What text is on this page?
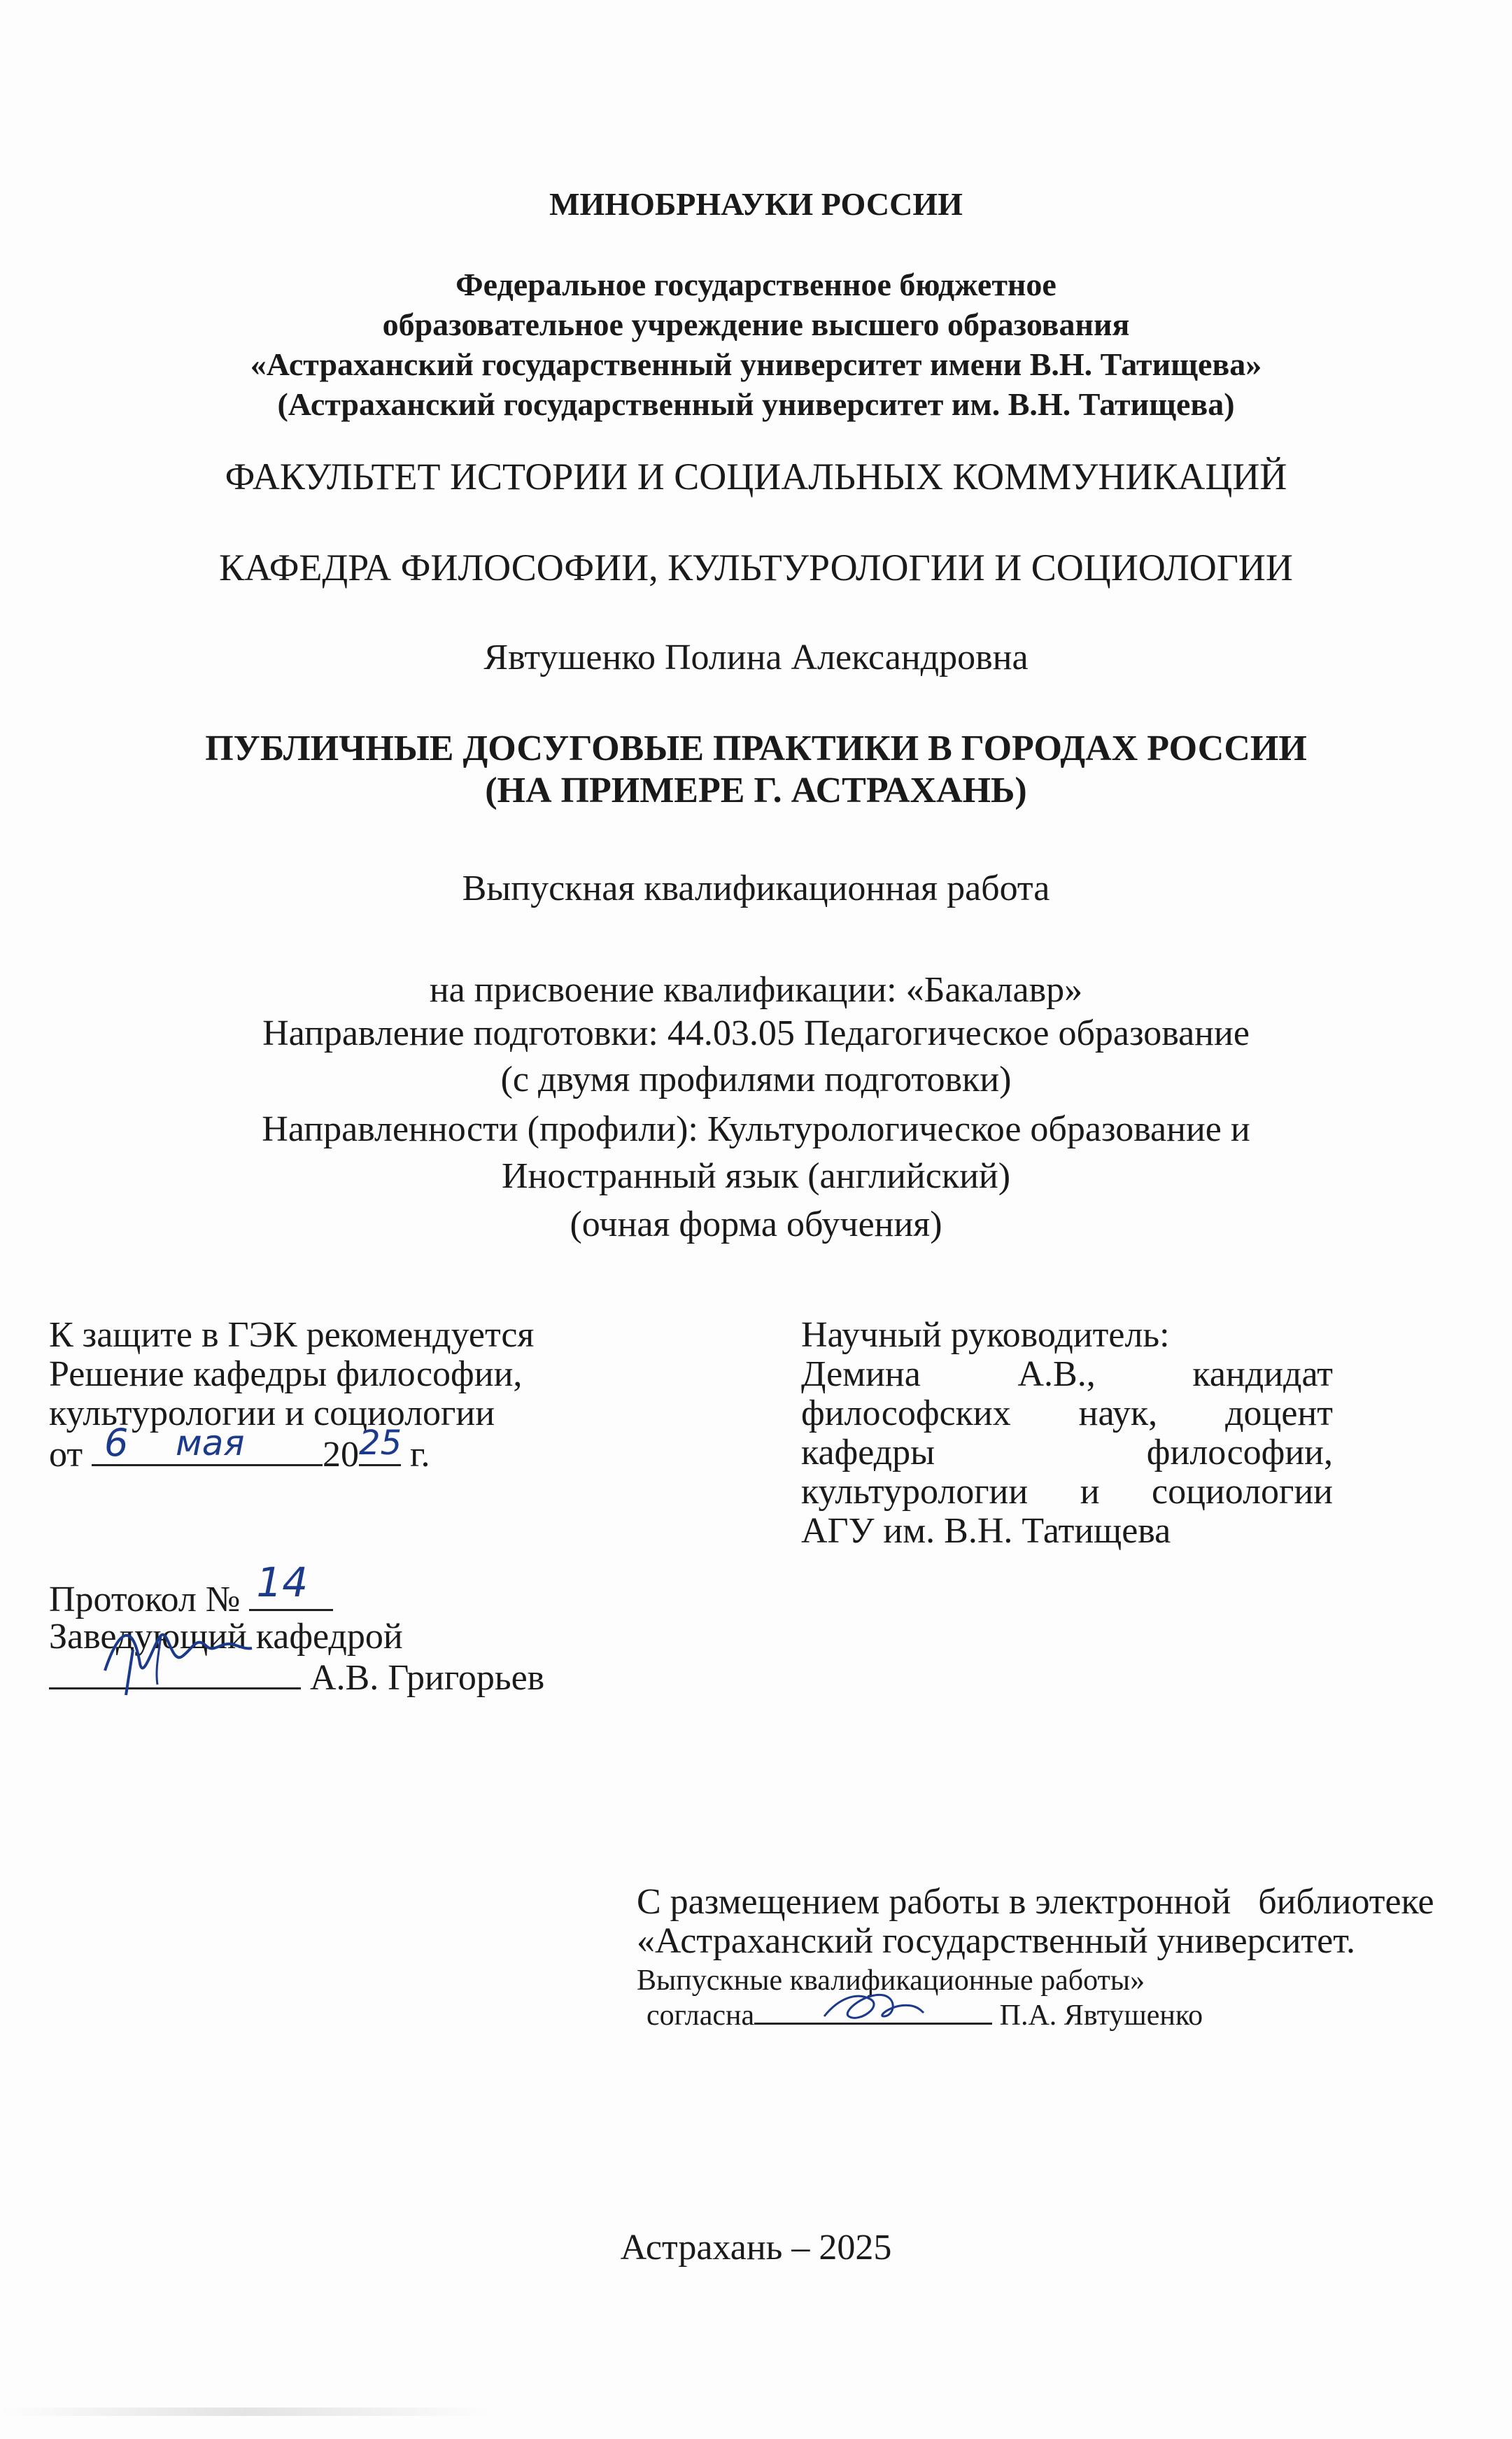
МИНОБРНАУКИ РОССИИ
Федеральное государственное бюджетное
образовательное учреждение высшего образования
«Астраханский государственный университет имени В.Н. Татищева»
(Астраханский государственный университет им. В.Н. Татищева)
ФАКУЛЬТЕТ ИСТОРИИ И СОЦИАЛЬНЫХ КОММУНИКАЦИЙ
КАФЕДРА ФИЛОСОФИИ, КУЛЬТУРОЛОГИИ И СОЦИОЛОГИИ
Явтушенко Полина Александровна
ПУБЛИЧНЫЕ ДОСУГОВЫЕ ПРАКТИКИ В ГОРОДАХ РОССИИ
(НА ПРИМЕРЕ Г. АСТРАХАНЬ)
Выпускная квалификационная работа
на присвоение квалификации: «Бакалавр»
Направление подготовки: 44.03.05 Педагогическое образование
(с двумя профилями подготовки)
Направленности (профили): Культурологическое образование и
Иностранный язык (английский)
(очная форма обучения)
К защите в ГЭК рекомендуется
Решение кафедры философии,
культурологии и социологии
от 6 мая 20 25 г.
Протокол № 14
Заведующий кафедрой
А.В. Григорьев
Научный руководитель:
Демина	А.В.,	кандидат
философских наук, доцент
кафедры	философии,
культурологии и социологии
АГУ им. В.Н. Татищева
С размещением работы в электронной   библиотеке
«Астраханский государственный университет.
Выпускные квалификационные работы»
согласна	П.А. Явтушенко
Астрахань – 2025
